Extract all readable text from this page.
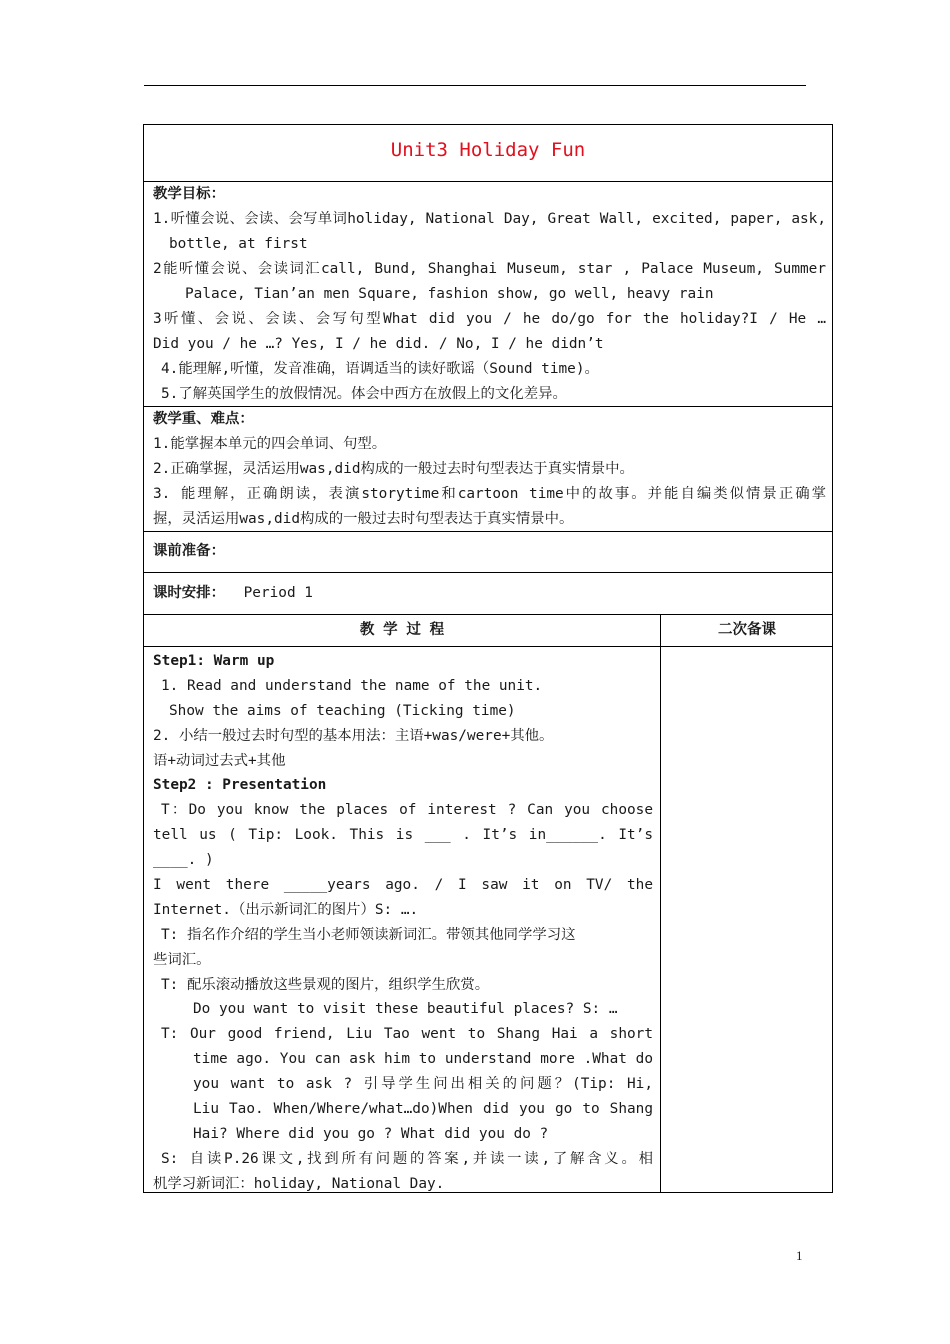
Unit3 Holiday Fun
教学目标：
1.听懂会说、会读、会写单词holiday, National Day, Great Wall, excited, paper, ask,
bottle, at first
2能听懂会说、会读词汇call, Bund, Shanghai Museum, star , Palace Museum, Summer
Palace, Tian’an men Square, fashion show, go well, heavy rain
3听懂、会说、会读、会写句型What did you / he do/go for the holiday?I / He …
Did you / he …? Yes, I / he did. / No, I / he didn’t
4.能理解,听懂，发音准确，语调适当的读好歌谣（Sound time)。
5.了解英国学生的放假情况。体会中西方在放假上的文化差异。
教学重、难点：
1.能掌握本单元的四会单词、句型。
2.正确掌握，灵活运用was,did构成的一般过去时句型表达于真实情景中。
3. 能理解，正确朗读，表演storytime和cartoon time中的故事。并能自编类似情景正确掌
握，灵活运用was,did构成的一般过去时句型表达于真实情景中。
课前准备：
课时安排： Period 1
教 学 过 程	二次备课
Step1: Warm up
1. Read and understand the name of the unit.
Show the aims of teaching (Ticking time)
2. 小结一般过去时句型的基本用法：主语+was/were+其他。
语+动词过去式+其他
Step2 : Presentation
T：Do you know the places of interest ? Can you choose
tell us ( Tip: Look. This is ___ . It’s in______. It’s
____. )
I went there _____years ago. / I saw it on TV/ the
Internet.（出示新词汇的图片）S: ….
T: 指名作介绍的学生当小老师领读新词汇。带领其他同学学习这
些词汇。
T: 配乐滚动播放这些景观的图片，组织学生欣赏。
Do you want to visit these beautiful places? S: …
T: Our good friend, Liu Tao went to Shang Hai a short
time ago. You can ask him to understand more .What do
you want to ask ? 引导学生问出相关的问题？(Tip: Hi,
Liu Tao. When/Where/what…do)When did you go to Shang
Hai? Where did you go ? What did you do ?
S: 自读P.26课文,找到所有问题的答案,并读一读,了解含义。相
机学习新词汇：holiday, National Day.
1
